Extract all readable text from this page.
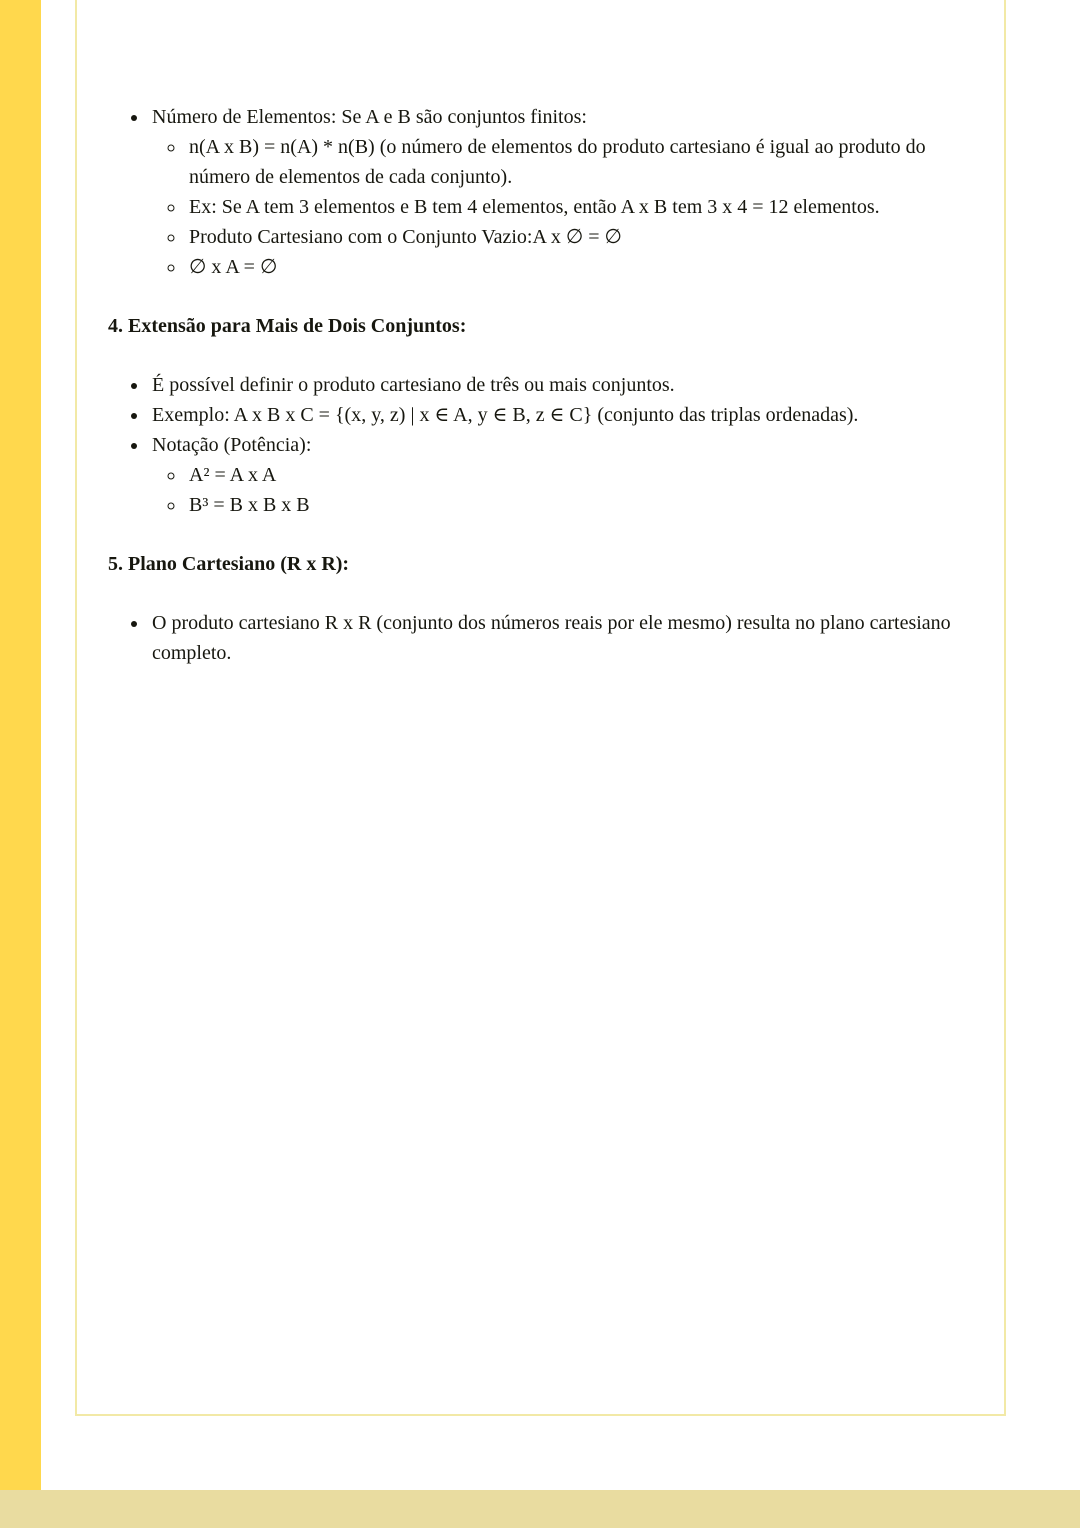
• Número de Elementos: Se A e B são conjuntos finitos:
◦ n(A x B) = n(A) * n(B) (o número de elementos do produto cartesiano é igual ao produto do número de elementos de cada conjunto).
◦ Ex: Se A tem 3 elementos e B tem 4 elementos, então A x B tem 3 x 4 = 12 elementos.
◦ Produto Cartesiano com o Conjunto Vazio:A x ∅ = ∅
◦ ∅ x A = ∅
4. Extensão para Mais de Dois Conjuntos:
• É possível definir o produto cartesiano de três ou mais conjuntos.
• Exemplo: A x B x C = {(x, y, z) | x ∈ A, y ∈ B, z ∈ C} (conjunto das triplas ordenadas).
• Notação (Potência):
◦ A² = A x A
◦ B³ = B x B x B
5. Plano Cartesiano (R x R):
• O produto cartesiano R x R (conjunto dos números reais por ele mesmo) resulta no plano cartesiano completo.
